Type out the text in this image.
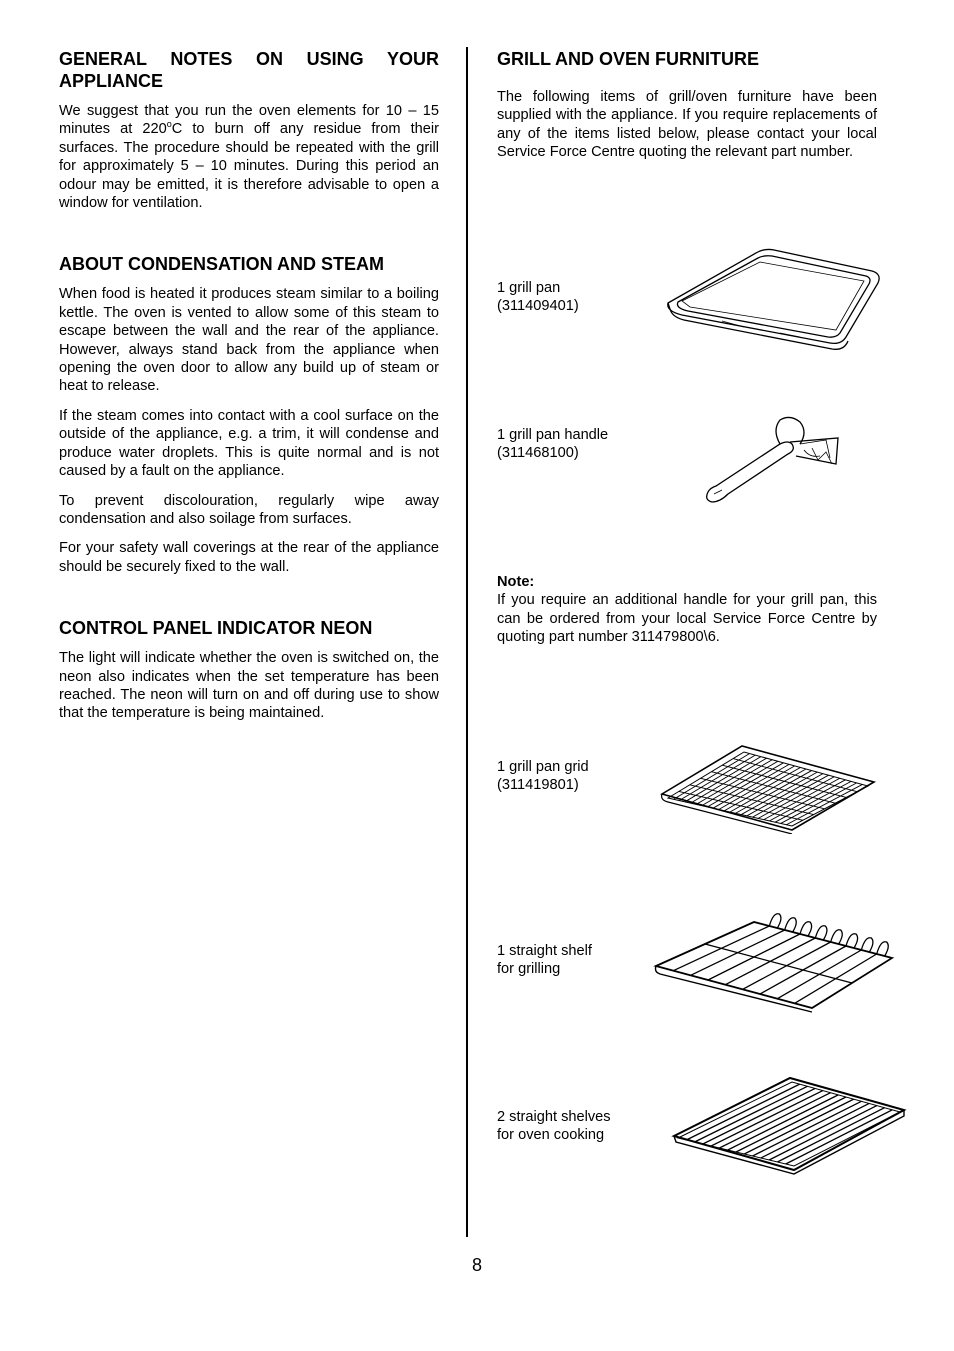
GENERAL NOTES ON USING YOUR APPLIANCE

We suggest that you run the oven elements for 10 – 15 minutes at 220$^o$C to burn off any residue from their surfaces. The procedure should be repeated with the grill for approximately 5 – 10 minutes. During this period an odour may be emitted, it is therefore advisable to open a window for ventilation.

ABOUT CONDENSATION AND STEAM

When food is heated it produces steam similar to a boiling kettle. The oven is vented to allow some of this steam to escape between the wall and the rear of the appliance. However, always stand back from the appliance when opening the oven door to allow any build up of steam or heat to release.

If the steam comes into contact with a cool surface on the outside of the appliance, e.g. a trim, it will condense and produce water droplets. This is quite normal and is not caused by a fault on the appliance.

To prevent discolouration, regularly wipe away condensation and also soilage from surfaces.

For your safety wall coverings at the rear of the appliance should be securely fixed to the wall.

CONTROL PANEL INDICATOR NEON

The light will indicate whether the oven is switched on, the neon also indicates when the set temperature has been reached. The neon will turn on and off during use to show that the temperature is being maintained.

GRILL AND OVEN FURNITURE

The following items of grill/oven furniture have been supplied with the appliance. If you require replacements of any of the items listed below, please contact your local Service Force Centre quoting the relevant part number.

1 grill pan
(311409401)
1 grill pan handle
(311468100)
Note:
If you require an additional handle for your grill pan, this can be ordered from your local Service Force Centre by quoting part number 311479800\6.
1 grill pan grid
(311419801)
1 straight shelf
for grilling
2 straight shelves
for oven cooking
8
